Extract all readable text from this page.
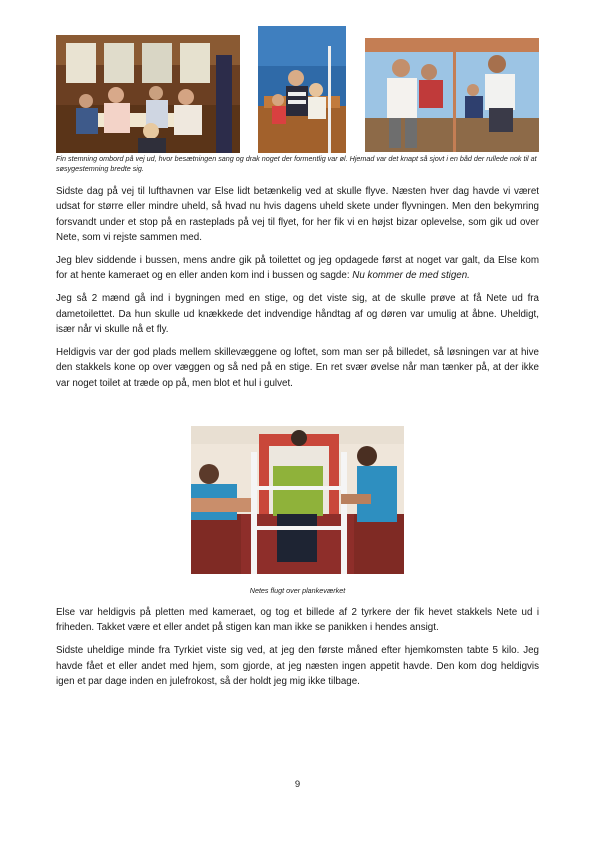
Fin stemning ombord på vej ud, hvor besætningen sang og drak noget der formentlig var øl. Hjemad var det knapt så sjovt i en båd der rullede nok til at søsygestemning bredte sig.

Sidste dag på vej til lufthavnen var Else lidt betænkelig ved at skulle flyve. Næsten hver dag havde vi været udsat for større eller mindre uheld, så hvad nu hvis dagens uheld skete under flyvningen. Men den bekymring forsvandt under et stop på en rasteplads på vej til flyet, for her fik vi en højst bizar oplevelse, som gik ud over Nete, som vi rejste sammen med.

Jeg blev siddende i bussen, mens andre gik på toilettet og jeg opdagede først at noget var galt, da Else kom for at hente kameraet og en eller anden kom ind i bussen og sagde: Nu kommer de med stigen.

Jeg så 2 mænd gå ind i bygningen med en stige, og det viste sig, at de skulle prøve at få Nete ud fra dametoilettet. Da hun skulle ud knækkede det indvendige håndtag af og døren var umulig at åbne. Uheldigt, især når vi skulle nå et fly.

Heldigvis var der god plads mellem skillevæggene og loftet, som man ser på billedet, så løsningen var at hive den stakkels kone op over væggen og så ned på en stige. En ret svær øvelse når man tænker på, at der ikke var noget toilet at træde op på, men blot et hul i gulvet.

Netes flugt over plankeværket

Else var heldigvis på pletten med kameraet, og tog et billede af 2 tyrkere der fik hevet stakkels Nete ud i friheden. Takket være et eller andet på stigen kan man ikke se panikken i hendes ansigt.

Sidste uheldige minde fra Tyrkiet viste sig ved, at jeg den første måned efter hjemkomsten tabte 5 kilo. Jeg havde fået et eller andet med hjem, som gjorde, at jeg næsten ingen appetit havde. Den kom dog heldigvis igen et par dage inden en julefrokost, så der holdt jeg mig ikke tilbage.

9
